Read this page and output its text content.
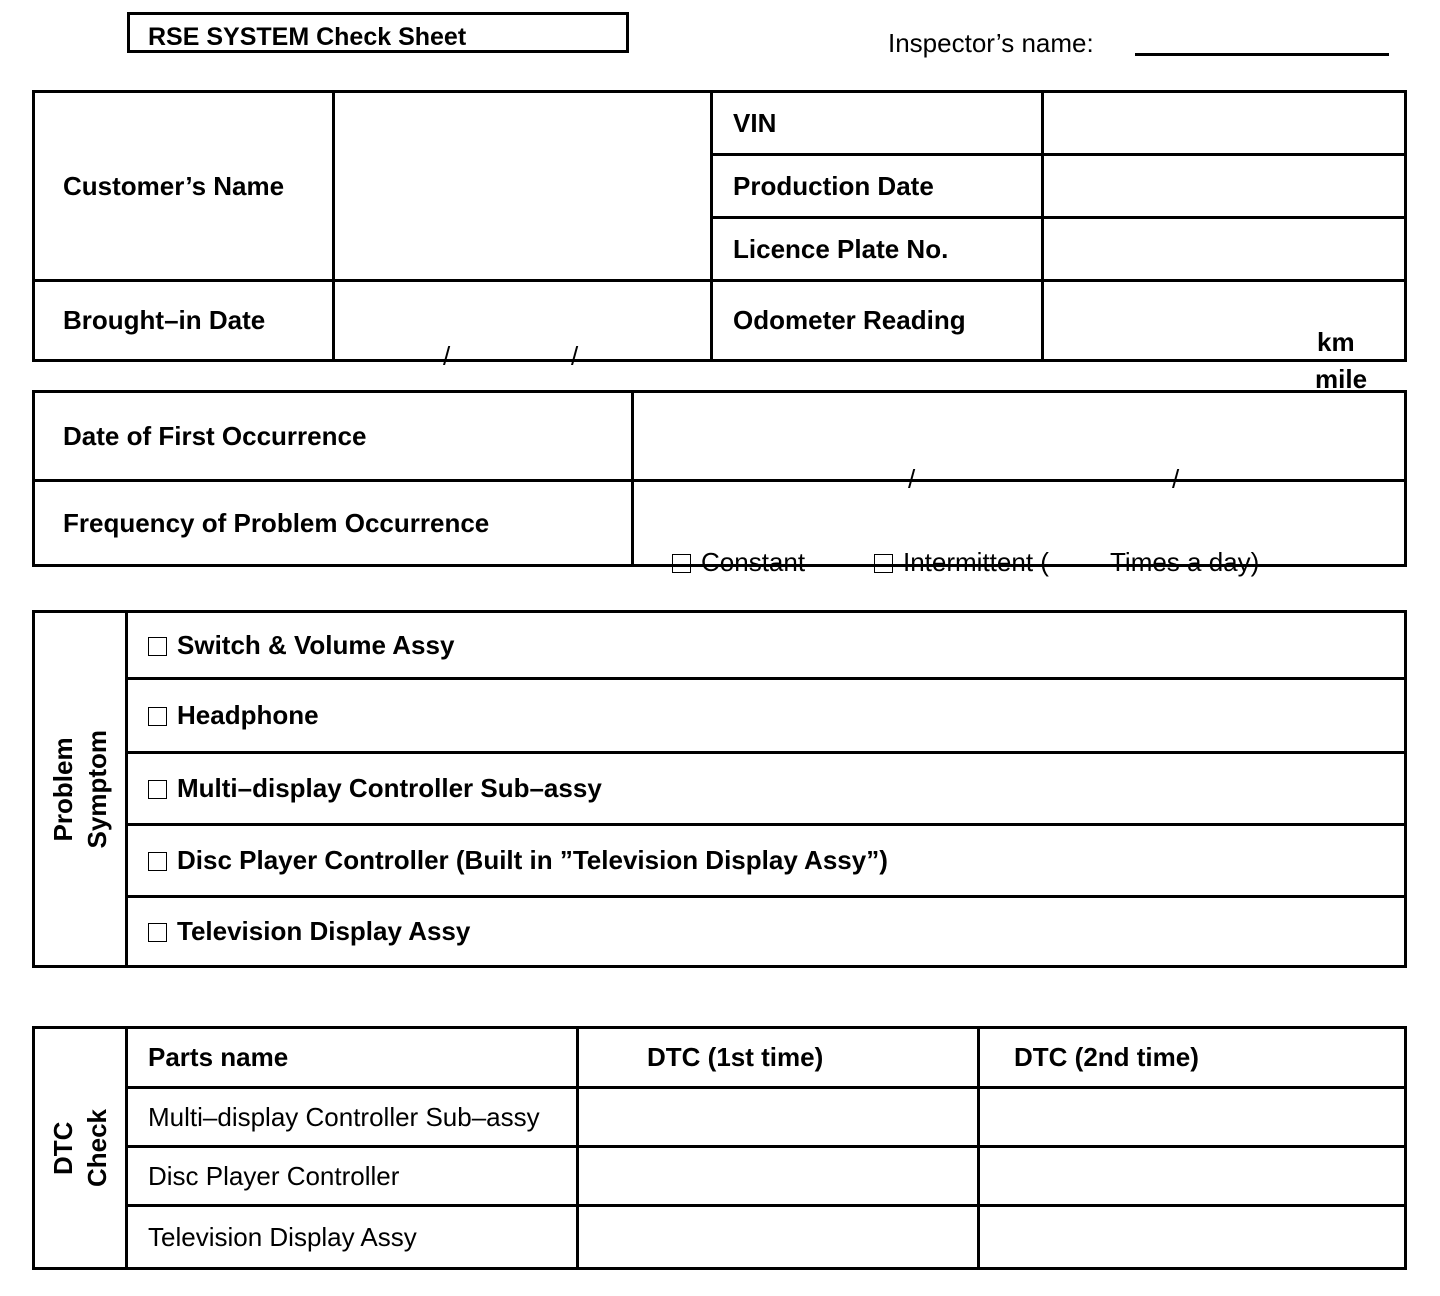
RSE SYSTEM Check Sheet	Inspector’s name:
Customer’s Name		VIN	
		Production Date	
		Licence Plate No.	
Brought–in Date	/ /	Odometer Reading	km
mile
Date of First Occurrence	/ /

Frequency of Problem Occurrence	Constant Intermittent ( Times a day)
Problem
Symptom
	Switch & Volume Assy
Headphone
Multi–display Controller Sub–assy
Disc Player Controller (Built in ”Television Display Assy”)
Television Display Assy
DTC
Check	Parts name	DTC (1st time)	DTC (2nd time)
	Multi–display Controller Sub–assy		
	Disc Player Controller		
	Television Display Assy		
